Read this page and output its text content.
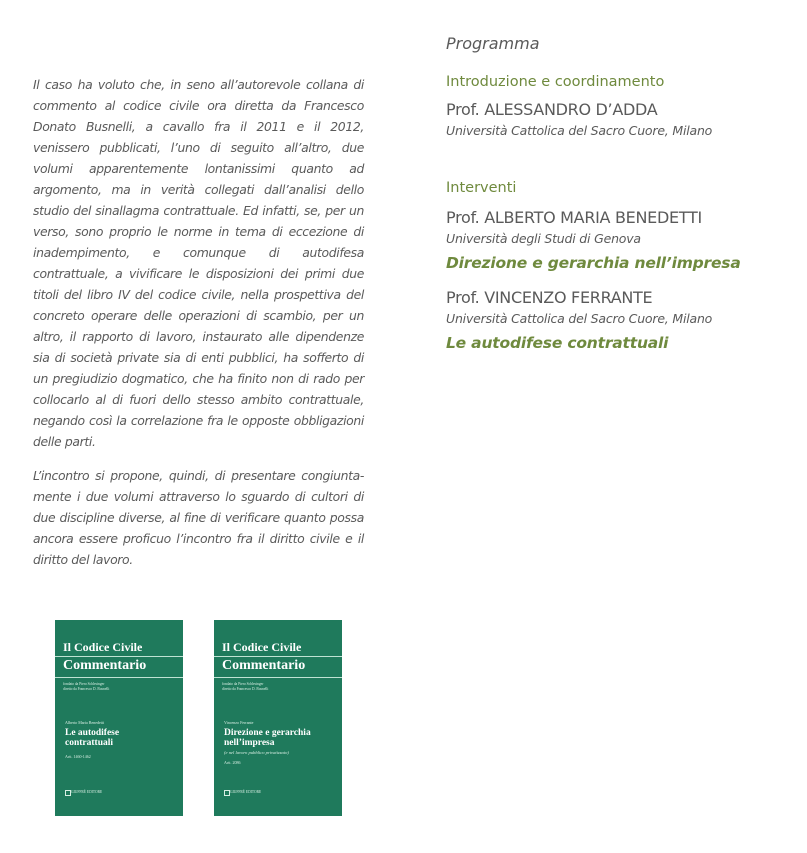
Il caso ha voluto che, in seno all’autorevole collana di commento al codice civile ora diretta da Francesco Donato Busnelli, a cavallo fra il 2011 e il 2012, venissero pubblicati, l’uno di seguito all’altro, due volumi apparentemente lontanissimi quanto ad argomento, ma in verità collegati dall’analisi dello studio del sinallagma contrattuale. Ed infatti, se, per un verso, sono proprio le norme in tema di eccezione di inadempimento, e comunque di autodifesa contrattuale, a vivificare le disposizioni dei primi due titoli del libro IV del codice civile, nella prospettiva del concreto operare delle operazioni di scambio, per un altro, il rapporto di lavoro, instaurato alle dipendenze sia di società private sia di enti pubblici, ha sofferto di un pregiudizio dogmatico, che ha finito non di rado per collocarlo al di fuori dello stesso ambito contrattuale, negando così la correlazione fra le opposte obbligazioni delle parti.

L’incontro si propone, quindi, di presentare congiunta-mente i due volumi attraverso lo sguardo di cultori di due discipline diverse, al fine di verificare quanto possa ancora essere proficuo l’incontro fra il diritto civile e il diritto del lavoro.

Programma
Introduzione e coordinamento
Prof. ALESSANDRO D’ADDA
Università Cattolica del Sacro Cuore, Milano
Interventi
Prof. ALBERTO MARIA BENEDETTI
Università degli Studi di Genova
Direzione e gerarchia nell’impresa
Prof. VINCENZO FERRANTE
Università Cattolica del Sacro Cuore, Milano
Le autodifese contrattuali
Il Codice Civile
Commentario
fondato da Piero Schlesinger
diretto da Francesco D. Busnelli
Alberto Maria Benedetti
Le autodifese
contrattuali
Artt. 1460-1462
GIUFFRÈ EDITORE
Il Codice Civile
Commentario
fondato da Piero Schlesinger
diretto da Francesco D. Busnelli
Vincenzo Ferrante
Direzione e gerarchia
nell’impresa
(e nel lavoro pubblico privatizzato)
Artt. 2086
GIUFFRÈ EDITORE
